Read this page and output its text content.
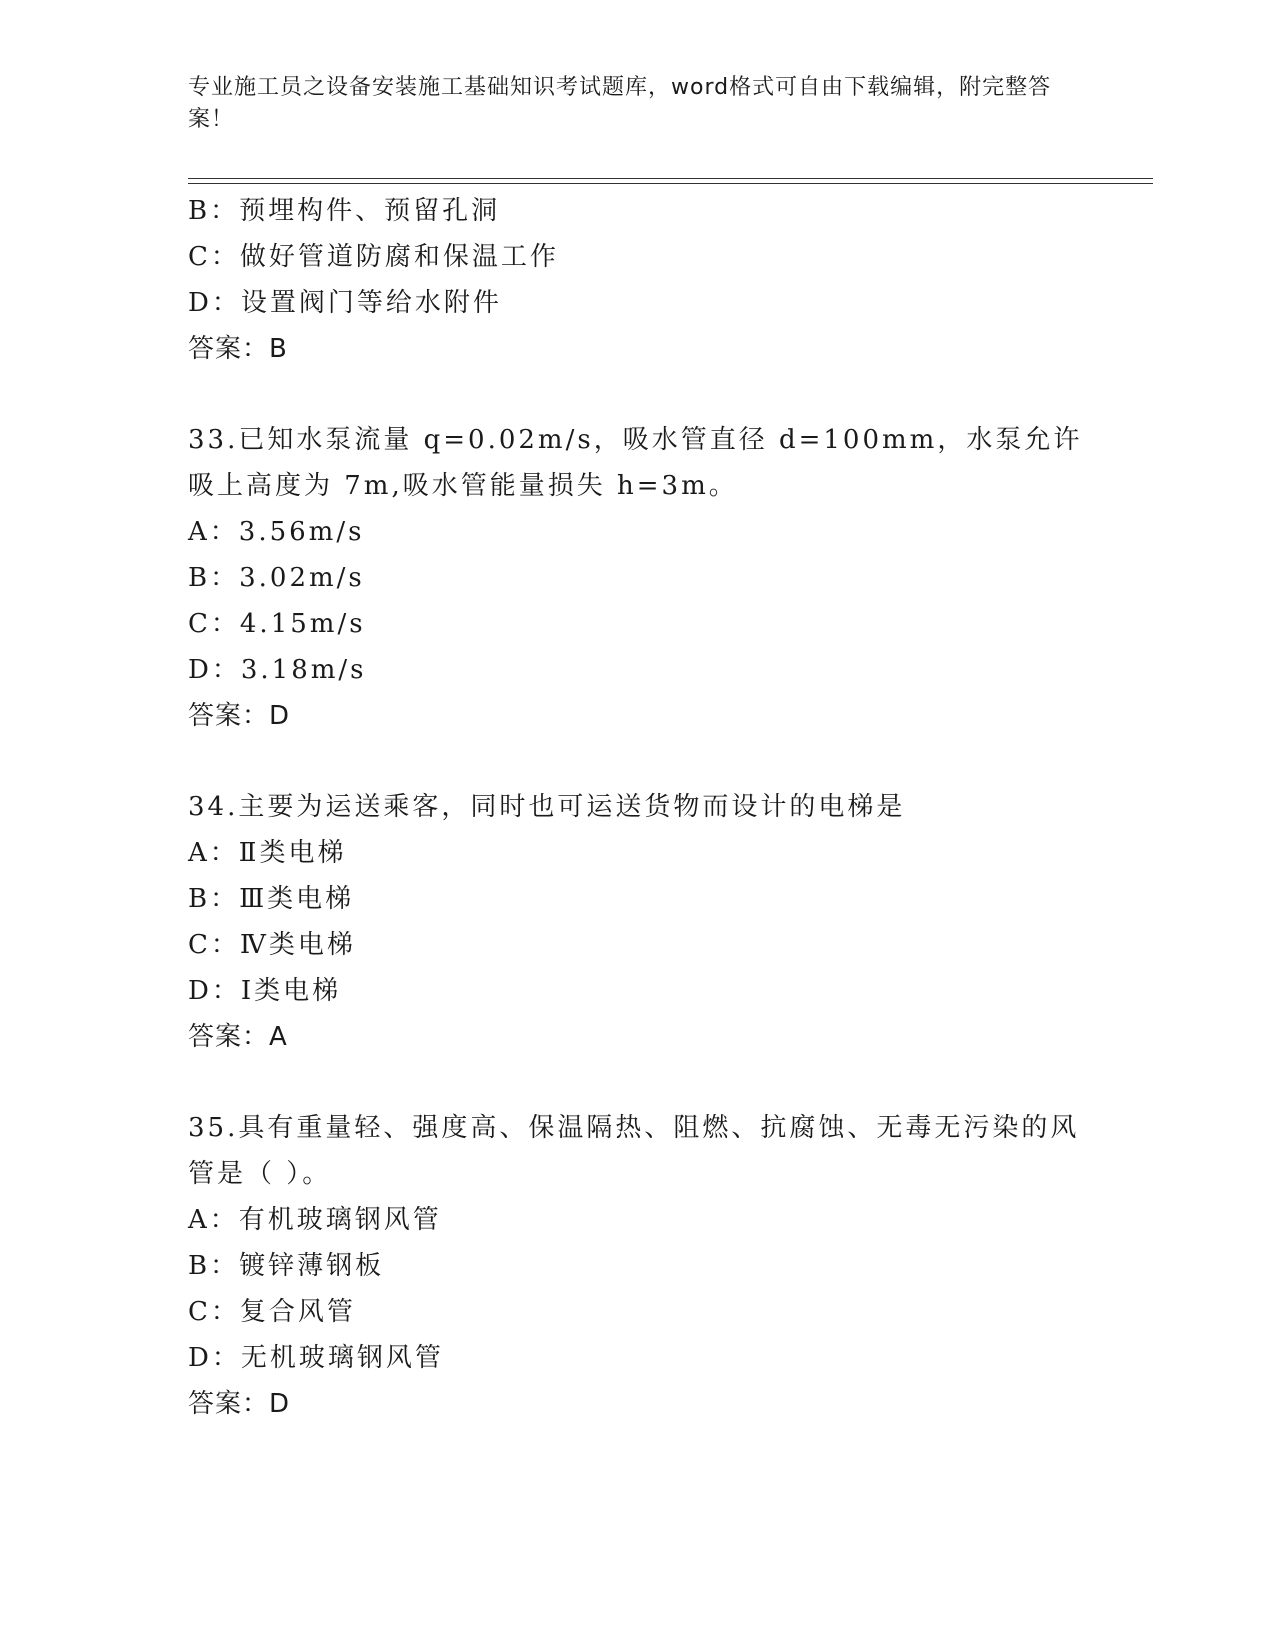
专业施工员之设备安装施工基础知识考试题库，word格式可自由下载编辑，附完整答案！
B：预埋构件、预留孔洞
C：做好管道防腐和保温工作
D：设置阀门等给水附件
答案：B
33.已知水泵流量 q=0.02m/s，吸水管直径 d=100mm，水泵允许吸上高度为 7m,吸水管能量损失 h=3m。
A：3.56m/s
B：3.02m/s
C：4.15m/s
D：3.18m/s
答案：D
34.主要为运送乘客，同时也可运送货物而设计的电梯是
A：Ⅱ类电梯
B：Ⅲ类电梯
C：Ⅳ类电梯
D：Ⅰ类电梯
答案：A
35.具有重量轻、强度高、保温隔热、阻燃、抗腐蚀、无毒无污染的风管是（ ）。
A：有机玻璃钢风管
B：镀锌薄钢板
C：复合风管
D：无机玻璃钢风管
答案：D
